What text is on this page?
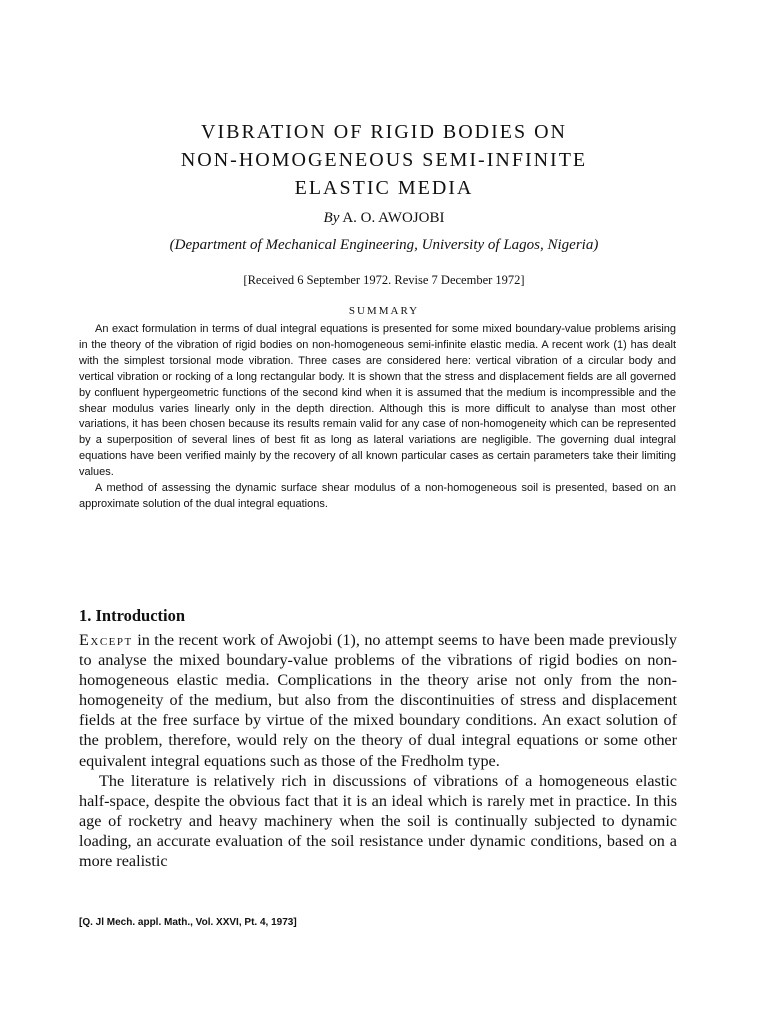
VIBRATION OF RIGID BODIES ON
NON-HOMOGENEOUS SEMI-INFINITE
ELASTIC MEDIA
By A. O. AWOJOBI
(Department of Mechanical Engineering, University of Lagos, Nigeria)
[Received 6 September 1972. Revise 7 December 1972]
SUMMARY

An exact formulation in terms of dual integral equations is presented for some mixed boundary-value problems arising in the theory of the vibration of rigid bodies on non-homogeneous semi-infinite elastic media. A recent work (1) has dealt with the simplest torsional mode vibration. Three cases are considered here: vertical vibration of a circular body and vertical vibration or rocking of a long rectangular body. It is shown that the stress and displacement fields are all governed by confluent hypergeometric functions of the second kind when it is assumed that the medium is incompressible and the shear modulus varies linearly only in the depth direction. Although this is more difficult to analyse than most other variations, it has been chosen because its results remain valid for any case of non-homogeneity which can be represented by a superposition of several lines of best fit as long as lateral variations are negligible. The governing dual integral equations have been verified mainly by the recovery of all known particular cases as certain parameters take their limiting values.

A method of assessing the dynamic surface shear modulus of a non-homogeneous soil is presented, based on an approximate solution of the dual integral equations.

1. Introduction

Except in the recent work of Awojobi (1), no attempt seems to have been made previously to analyse the mixed boundary-value problems of the vibrations of rigid bodies on non-homogeneous elastic media. Complications in the theory arise not only from the non-homogeneity of the medium, but also from the discontinuities of stress and displacement fields at the free surface by virtue of the mixed boundary conditions. An exact solution of the problem, therefore, would rely on the theory of dual integral equations or some other equivalent integral equations such as those of the Fredholm type.

The literature is relatively rich in discussions of vibrations of a homogeneous elastic half-space, despite the obvious fact that it is an ideal which is rarely met in practice. In this age of rocketry and heavy machinery when the soil is continually subjected to dynamic loading, an accurate evaluation of the soil resistance under dynamic conditions, based on a more realistic

[Q. Jl Mech. appl. Math., Vol. XXVI, Pt. 4, 1973]
